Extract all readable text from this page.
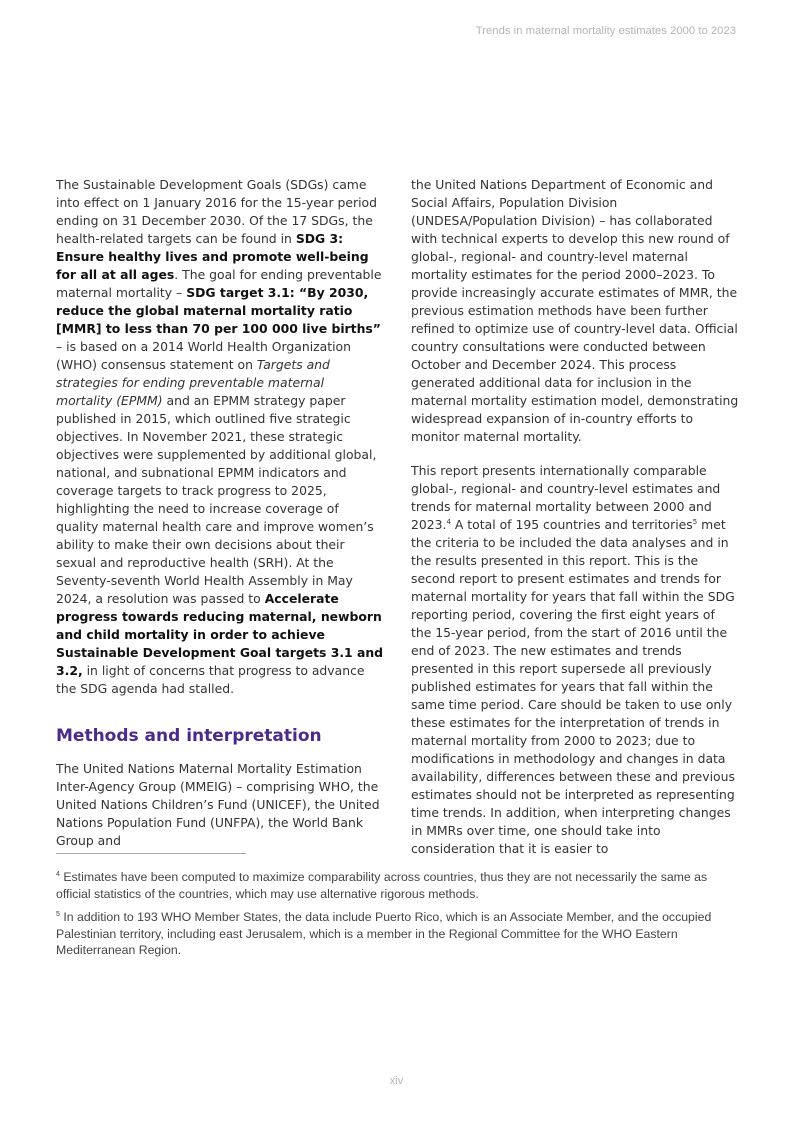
Trends in maternal mortality estimates 2000 to 2023

The Sustainable Development Goals (SDGs) came into effect on 1 January 2016 for the 15-year period ending on 31 December 2030. Of the 17 SDGs, the health-related targets can be found in SDG 3: Ensure healthy lives and promote well-being for all at all ages. The goal for ending preventable maternal mortality – SDG target 3.1: “By 2030, reduce the global maternal mortality ratio [MMR] to less than 70 per 100 000 live births” – is based on a 2014 World Health Organization (WHO) consensus statement on Targets and strategies for ending preventable maternal mortality (EPMM) and an EPMM strategy paper published in 2015, which outlined five strategic objectives. In November 2021, these strategic objectives were supplemented by additional global, national, and subnational EPMM indicators and coverage targets to track progress to 2025, highlighting the need to increase coverage of quality maternal health care and improve women’s ability to make their own decisions about their sexual and reproductive health (SRH). At the Seventy-seventh World Health Assembly in May 2024, a resolution was passed to Accelerate progress towards reducing maternal, newborn and child mortality in order to achieve Sustainable Development Goal targets 3.1 and 3.2, in light of concerns that progress to advance the SDG agenda had stalled.

Methods and interpretation

The United Nations Maternal Mortality Estimation Inter-Agency Group (MMEIG) – comprising WHO, the United Nations Children’s Fund (UNICEF), the United Nations Population Fund (UNFPA), the World Bank Group and

the United Nations Department of Economic and Social Affairs, Population Division (UNDESA/Population Division) – has collaborated with technical experts to develop this new round of global-, regional- and country-level maternal mortality estimates for the period 2000–2023. To provide increasingly accurate estimates of MMR, the previous estimation methods have been further refined to optimize use of country-level data. Official country consultations were conducted between October and December 2024. This process generated additional data for inclusion in the maternal mortality estimation model, demonstrating widespread expansion of in-country efforts to monitor maternal mortality.

This report presents internationally comparable global-, regional- and country-level estimates and trends for maternal mortality between 2000 and 2023.$^4$ A total of 195 countries and territories$^5$ met the criteria to be included the data analyses and in the results presented in this report. This is the second report to present estimates and trends for maternal mortality for years that fall within the SDG reporting period, covering the first eight years of the 15-year period, from the start of 2016 until the end of 2023. The new estimates and trends presented in this report supersede all previously published estimates for years that fall within the same time period. Care should be taken to use only these estimates for the interpretation of trends in maternal mortality from 2000 to 2023; due to modifications in methodology and changes in data availability, differences between these and previous estimates should not be interpreted as representing time trends. In addition, when interpreting changes in MMRs over time, one should take into consideration that it is easier to

$^4$ Estimates have been computed to maximize comparability across countries, thus they are not necessarily the same as official statistics of the countries, which may use alternative rigorous methods.

$^5$ In addition to 193 WHO Member States, the data include Puerto Rico, which is an Associate Member, and the occupied Palestinian territory, including east Jerusalem, which is a member in the Regional Committee for the WHO Eastern Mediterranean Region.

xiv
